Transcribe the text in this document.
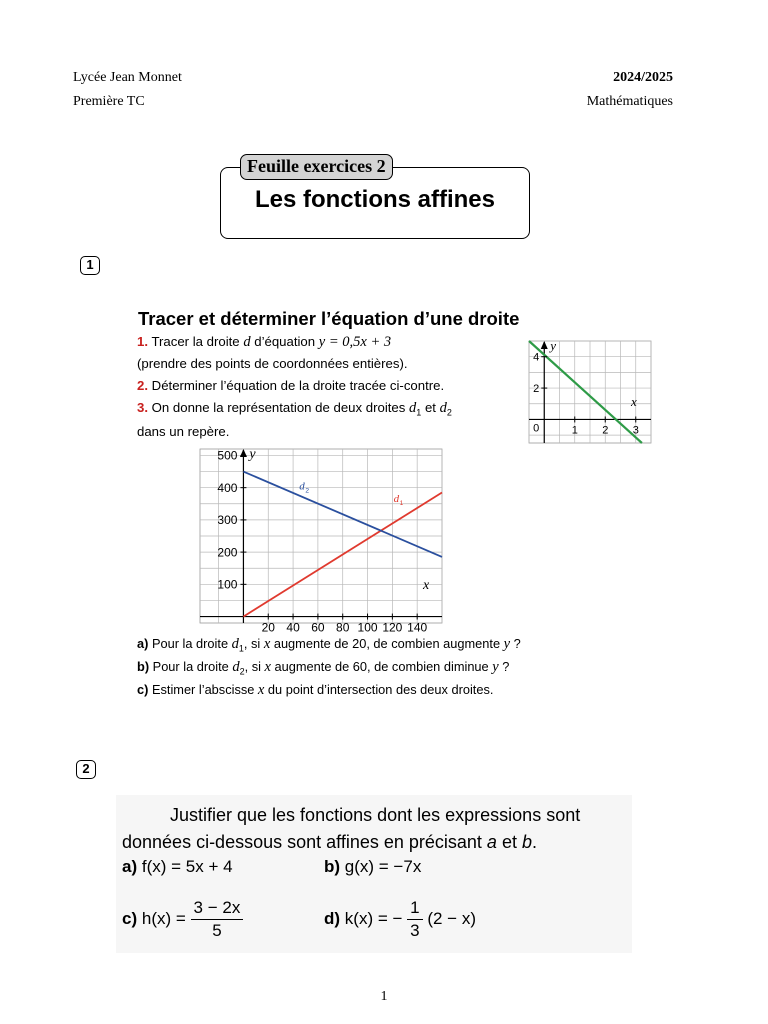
Lycée Jean Monnet
Première TC
2024/2025
Mathématiques
Feuille exercices 2
Les fonctions affines
1
Tracer et déterminer l’équation d’une droite
1. Tracer la droite d d’équation y = 0,5x + 3
(prendre des points de coordonnées entières).
2. Déterminer l’équation de la droite tracée ci-contre.
3. On donne la représentation de deux droites $d_1$ et $d_2$
dans un repère.	1 2 3
2
4
0
x
y
d 1
d 2
20 40 60 80 100 120 140
100
200
300
400
500
x
y
a) Pour la droite $d_1$, si x augmente de 20, de combien augmente y ?
b) Pour la droite $d_2$, si x augmente de 60, de combien diminue y ?
c) Estimer l’abscisse x du point d’intersection des deux droites.
2
Justifier que les fonctions dont les expressions sont
données ci-dessous sont affines en précisant a et b.
a) f(x) = 5x + 4	b) g(x) = −7x
c) $h(x) = \frac{3 - 2x}{5}$	d) k(x) = − $\frac{1}{3} (2 - x)$
1
